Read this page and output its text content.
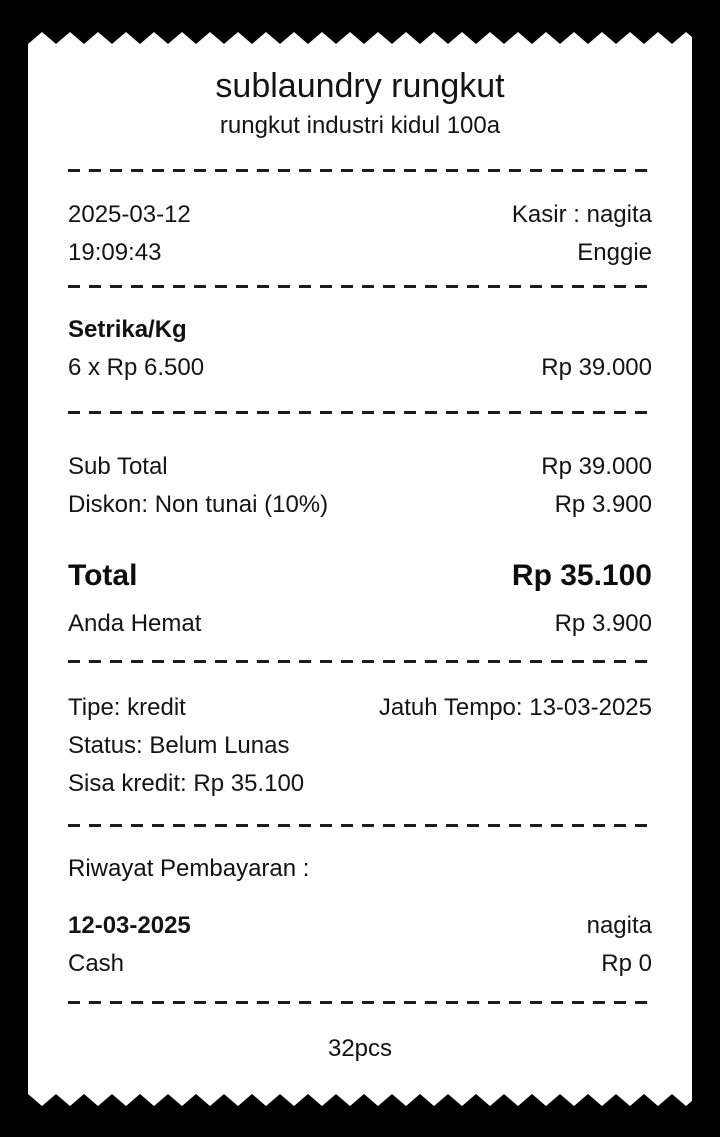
sublaundry rungkut
rungkut industri kidul 100a
2025-03-12	Kasir : nagita
19:09:43	Enggie
Setrika/Kg
6 x Rp 6.500	Rp 39.000
Sub Total	Rp 39.000
Diskon: Non tunai (10%)	Rp 3.900
Total	Rp 35.100
Anda Hemat	Rp 3.900
Tipe: kredit	Jatuh Tempo: 13-03-2025
Status: Belum Lunas
Sisa kredit: Rp 35.100
Riwayat Pembayaran :
12-03-2025	nagita
Cash	Rp 0
32pcs
